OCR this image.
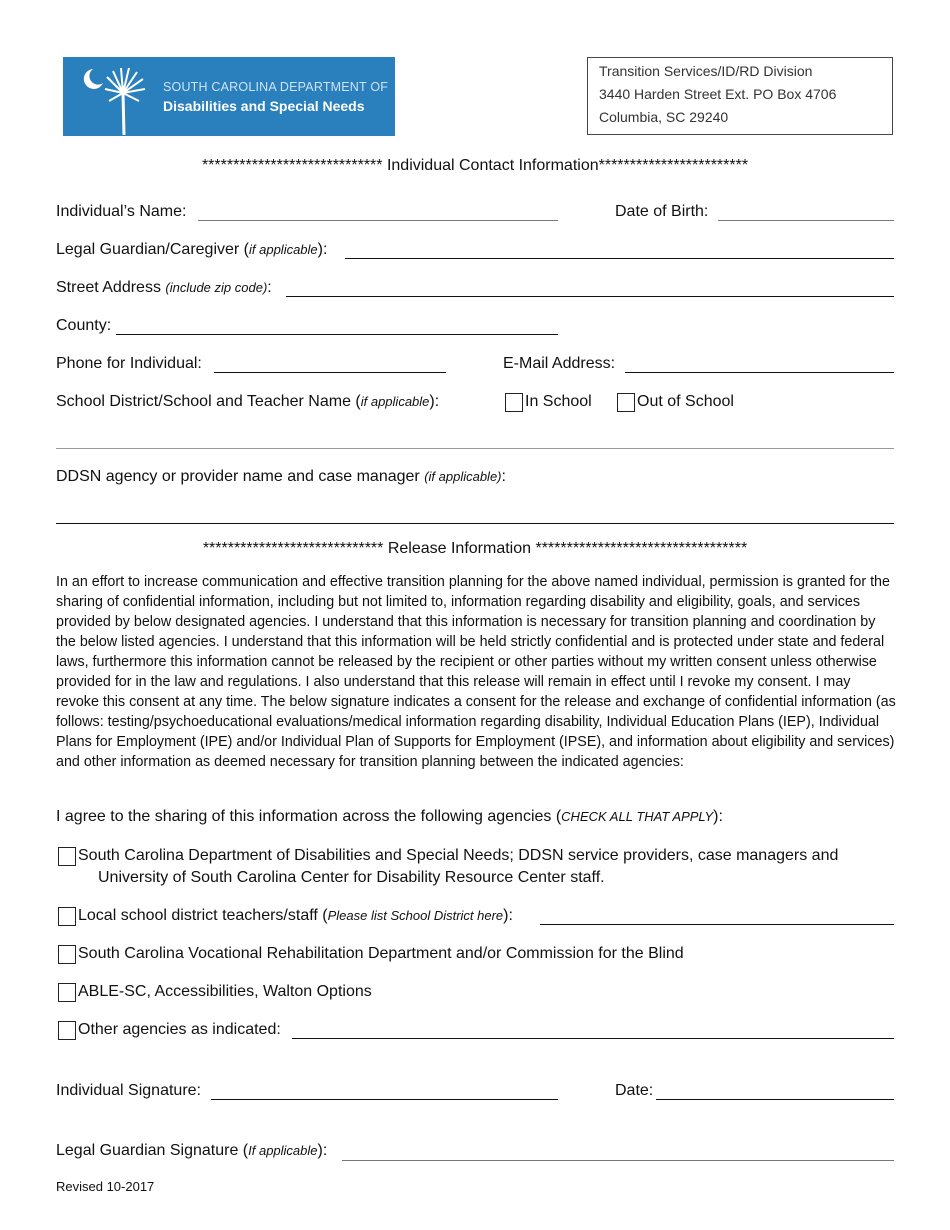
SOUTH CAROLINA DEPARTMENT OF
Disabilities and Special Needs
Transition Services/ID/RD Division
3440 Harden Street Ext. PO Box 4706
Columbia, SC 29240
***************************** Individual Contact Information************************
Individual’s Name:	Date of Birth:
Legal Guardian/Caregiver (if applicable):
Street Address (include zip code):
County:
Phone for Individual:	E-Mail Address:
School District/School and Teacher Name (if applicable):	In School	Out of School
DDSN agency or provider name and case manager (if applicable):
***************************** Release Information **********************************
In an effort to increase communication and effective transition planning for the above named individual, permission is granted for the sharing of confidential information, including but not limited to, information regarding disability and eligibility, goals, and services provided by below designated agencies. I understand that this information is necessary for transition planning and coordination by the below listed agencies. I understand that this information will be held strictly confidential and is protected under state and federal laws, furthermore this information cannot be released by the recipient or other parties without my written consent unless otherwise provided for in the law and regulations. I also understand that this release will remain in effect until I revoke my consent. I may revoke this consent at any time. The below signature indicates a consent for the release and exchange of confidential information (as follows: testing/psychoeducational evaluations/medical information regarding disability, Individual Education Plans (IEP), Individual Plans for Employment (IPE) and/or Individual Plan of Supports for Employment (IPSE), and information about eligibility and services) and other information as deemed necessary for transition planning between the indicated agencies:
I agree to the sharing of this information across the following agencies (CHECK ALL THAT APPLY):
South Carolina Department of Disabilities and Special Needs; DDSN service providers, case managers and
University of South Carolina Center for Disability Resource Center staff.
Local school district teachers/staff (Please list School District here):
South Carolina Vocational Rehabilitation Department and/or Commission for the Blind
ABLE-SC, Accessibilities, Walton Options
Other agencies as indicated:
Individual Signature:	Date:
Legal Guardian Signature (If applicable):
Revised 10-2017
